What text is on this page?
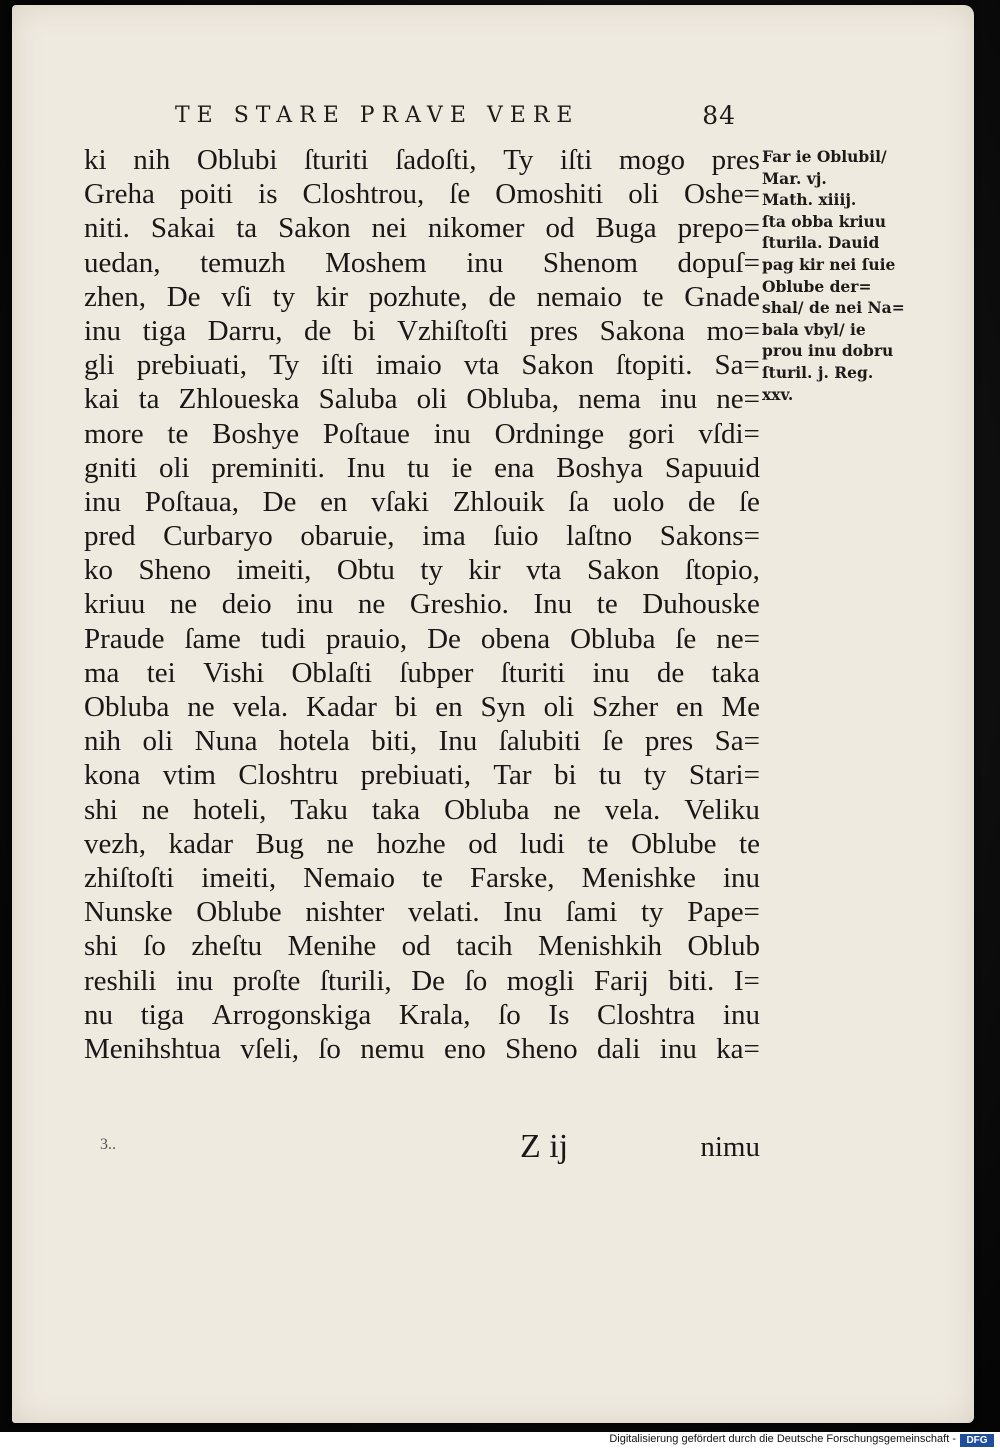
TE STARE PRAVE VERE	84
ki nih Oblubi ſturiti ſadoſti, Ty iſti mogo pres
Greha poiti is Closhtrou, ſe Omoshiti oli Oshe=
niti. Sakai ta Sakon nei nikomer od Buga prepo=
uedan, temuzh Moshem inu Shenom dopuſ=
zhen, De vſi ty kir pozhute, de nemaio te Gnade
inu tiga Darru, de bi Vzhiſtoſti pres Sakona mo=
gli prebiuati, Ty iſti imaio vta Sakon ſtopiti. Sa=
kai ta Zhloueska Saluba oli Obluba, nema inu ne=
more te Boshye Poſtaue inu Ordninge gori vſdi=
gniti oli preminiti. Inu tu ie ena Boshya Sapuuid
inu Poſtaua, De en vſaki Zhlouik ſa uolo de ſe
pred Curbaryo obaruie, ima ſuio laſtno Sakons=
ko Sheno imeiti, Obtu ty kir vta Sakon ſtopio,
kriuu ne deio inu ne Greshio. Inu te Duhouske
Praude ſame tudi prauio, De obena Obluba ſe ne=
ma tei Vishi Oblaſti ſubper ſturiti inu de taka
Obluba ne vela. Kadar bi en Syn oli Szher en Me
nih oli Nuna hotela biti, Inu ſalubiti ſe pres Sa=
kona vtim Closhtru prebiuati, Tar bi tu ty Stari=
shi ne hoteli, Taku taka Obluba ne vela. Veliku
vezh, kadar Bug ne hozhe od ludi te Oblube te
zhiſtoſti imeiti, Nemaio te Farske, Menishke inu
Nunske Oblube nishter velati. Inu ſami ty Pape=
shi ſo zheſtu Menihe od tacih Menishkih Oblub
reshili inu proſte ſturili, De ſo mogli Farij biti. I=
nu tiga Arrogonskiga Krala, ſo Is Closhtra inu
Menihshtua vſeli, ſo nemu eno Sheno dali inu ka=
3..	Z ij	nimu
Far ie Oblubil/
Mar. vj.
Math. xiiij.
ſta obba kriuu
ſturila. Dauid
pag kir nei ſuie
Oblube der=
shal/ de nei Na=
bala vbyl/ ie
prou inu dobru
ſturil. j. Reg.
xxv.
Digitalisierung gefördert durch die Deutsche Forschungsgemeinschaft -	DFG
